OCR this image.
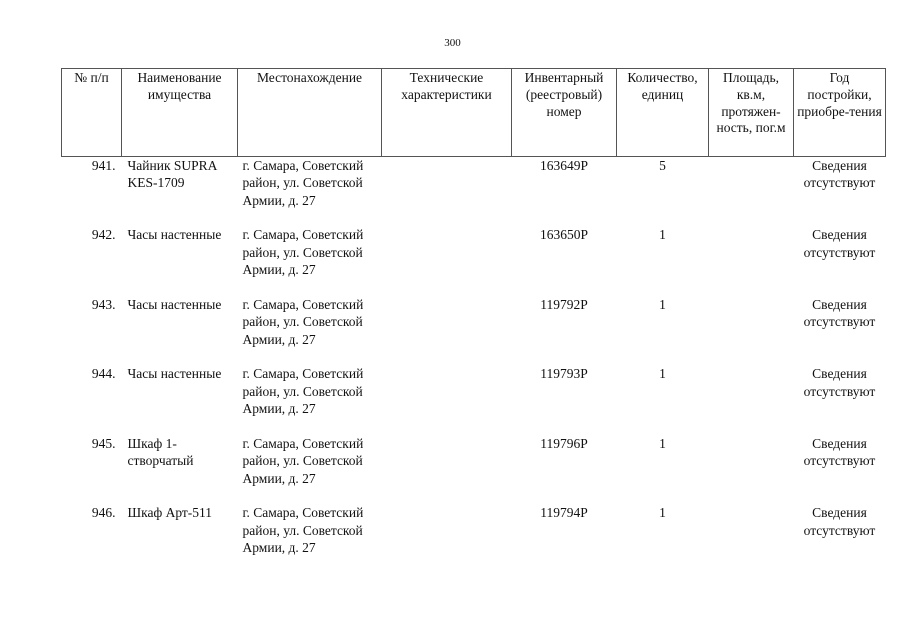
300
№ п/п	Наименование имущества	Местонахождение	Технические характеристики	Инвентарный (реестровый) номер	Количество, единиц	Площадь, кв.м, протяжен-ность, пог.м	Год постройки, приобре-тения
941.	Чайник SUPRA KES-1709	г. Самара, Советский район, ул. Советской Армии, д. 27		163649Р	5		Сведения отсутствуют
942.	Часы настенные	г. Самара, Советский район, ул. Советской Армии, д. 27		163650Р	1		Сведения отсутствуют
943.	Часы настенные	г. Самара, Советский район, ул. Советской Армии, д. 27		119792Р	1		Сведения отсутствуют
944.	Часы настенные	г. Самара, Советский район, ул. Советской Армии, д. 27		119793Р	1		Сведения отсутствуют
945.	Шкаф 1-створчатый	г. Самара, Советский район, ул. Советской Армии, д. 27		119796Р	1		Сведения отсутствуют
946.	Шкаф Арт-511	г. Самара, Советский район, ул. Советской Армии, д. 27		119794Р	1		Сведения отсутствуют
